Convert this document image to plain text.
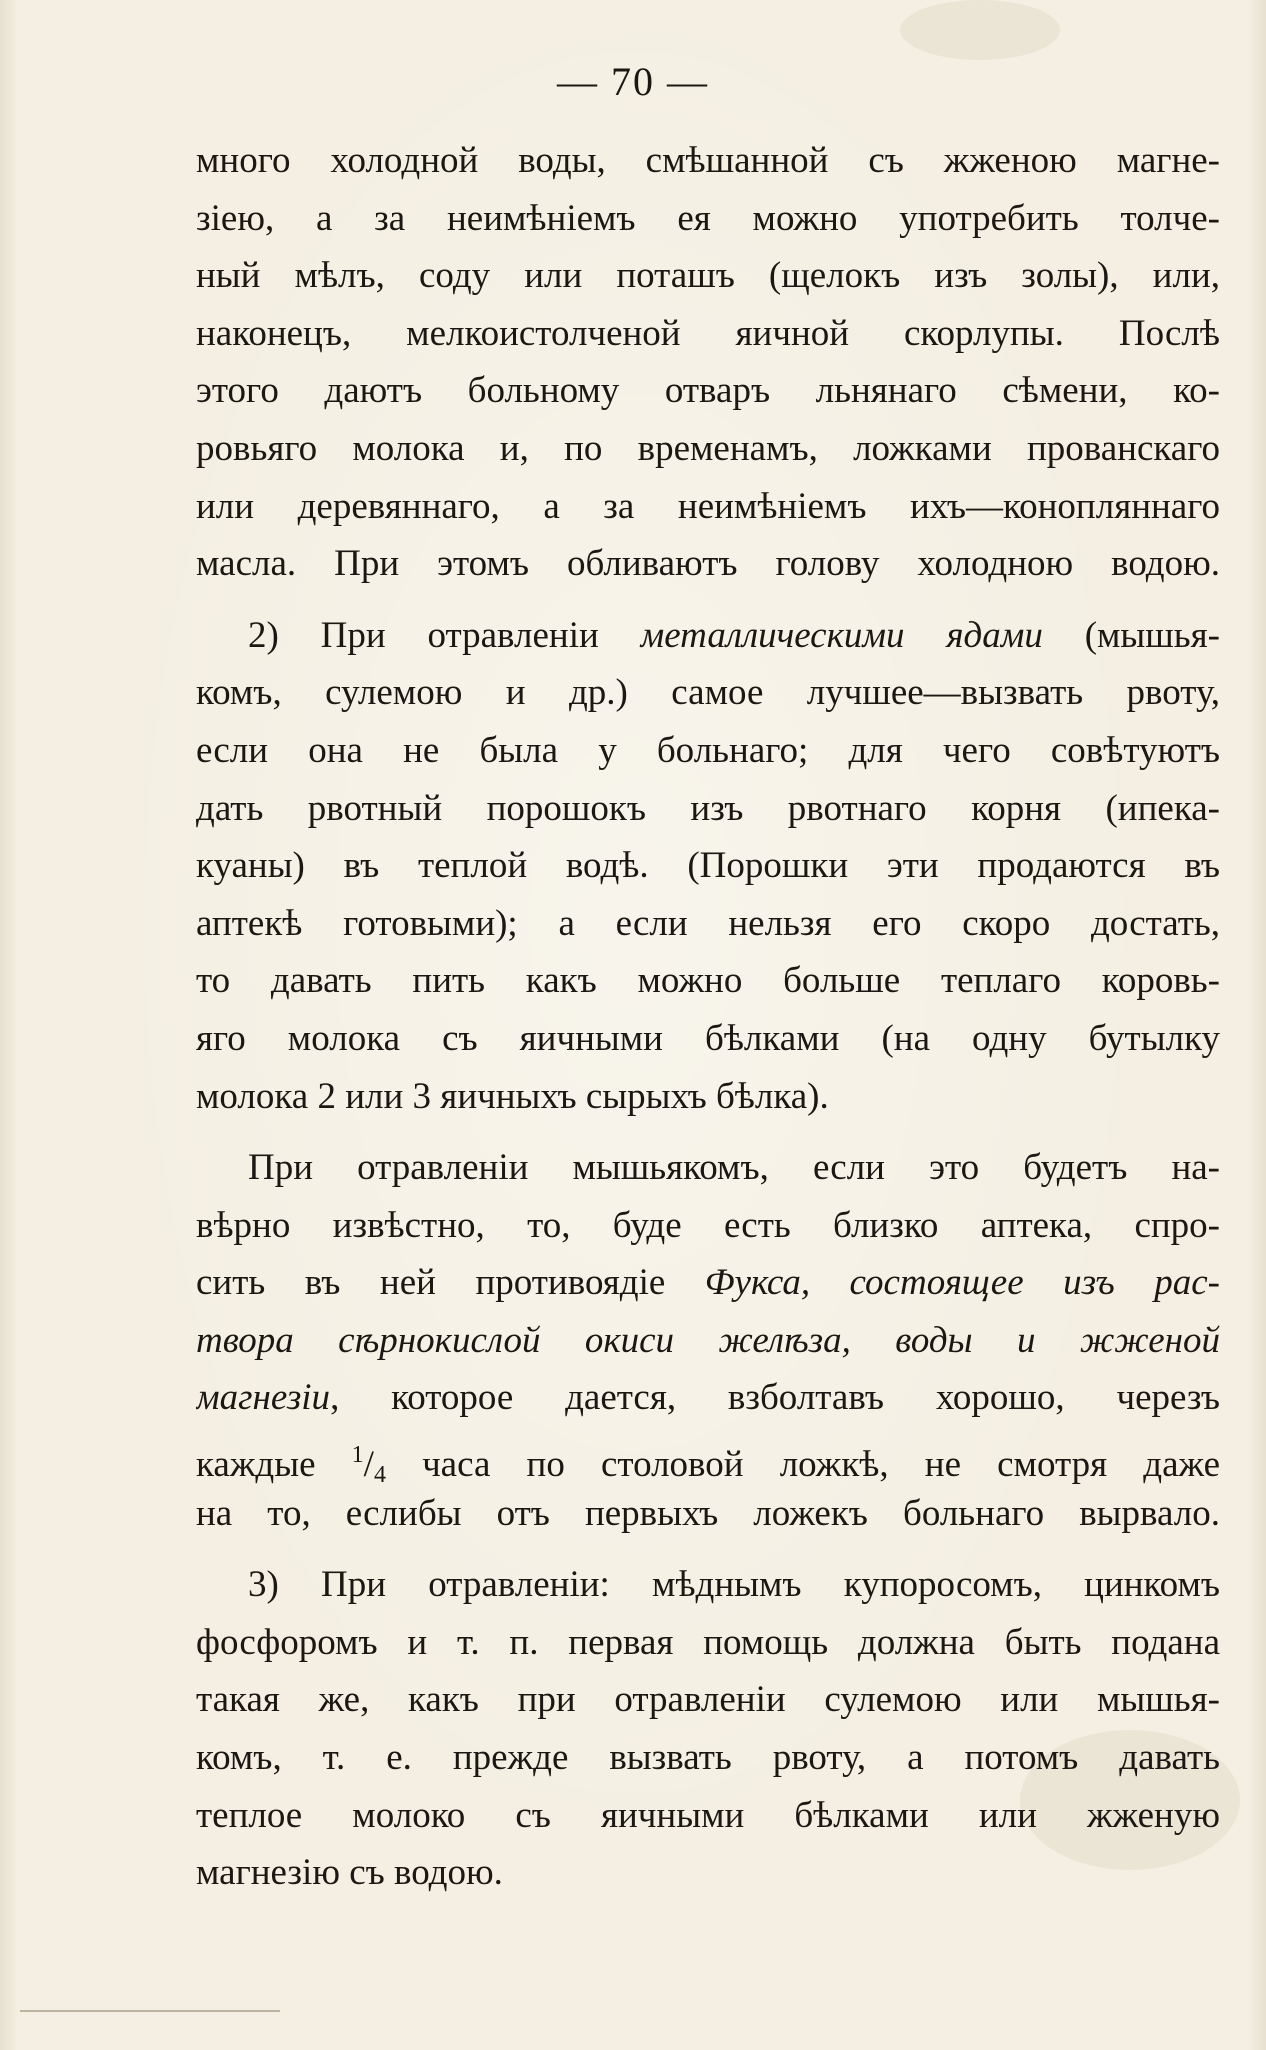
— 70 —
много холодной воды, смѣшанной съ жженою магне-
зiею, а за неимѣнiемъ ея можно употребить толче-
ный мѣлъ, соду или поташъ (щелокъ изъ золы), или,
наконецъ, мелкоистолченой яичной скорлупы. Послѣ
этого даютъ больному отваръ льнянаго сѣмени, ко-
ровьяго молока и, по временамъ, ложками прованскаго
или деревяннаго, а за неимѣнiемъ ихъ—конопляннаго
масла. При этомъ обливаютъ голову холодною водою.
2) При отравленiи металлическими ядами (мышья-
комъ, сулемою и др.) самое лучшее—вызвать рвоту,
если она не была у больнаго; для чего совѣтуютъ
дать рвотный порошокъ изъ рвотнаго корня (ипека-
куаны) въ теплой водѣ. (Порошки эти продаются въ
аптекѣ готовыми); а если нельзя его скоро достать,
то давать пить какъ можно больше теплаго коровь-
яго молока съ яичными бѣлками (на одну бутылку
молока 2 или 3 яичныхъ сырыхъ бѣлка).
При отравленiи мышьякомъ, если это будетъ на-
вѣрно извѣстно, то, буде есть близко аптека, спро-
сить въ ней противоядiе Фукса, состоящее изъ рас-
твора сѣрнокислой окиси желѣза, воды и жженой
магнезiи, которое дается, взболтавъ хорошо, черезъ
каждые $^1/_4$ часа по столовой ложкѣ, не смотря даже
на то, еслибы отъ первыхъ ложекъ больнаго вырвало.
3) При отравленiи: мѣднымъ купоросомъ, цинкомъ
фосфоромъ и т. п. первая помощь должна быть подана
такая же, какъ при отравленiи сулемою или мышья-
комъ, т. е. прежде вызвать рвоту, а потомъ давать
теплое молоко съ яичными бѣлками или жженую
магнезiю съ водою.
